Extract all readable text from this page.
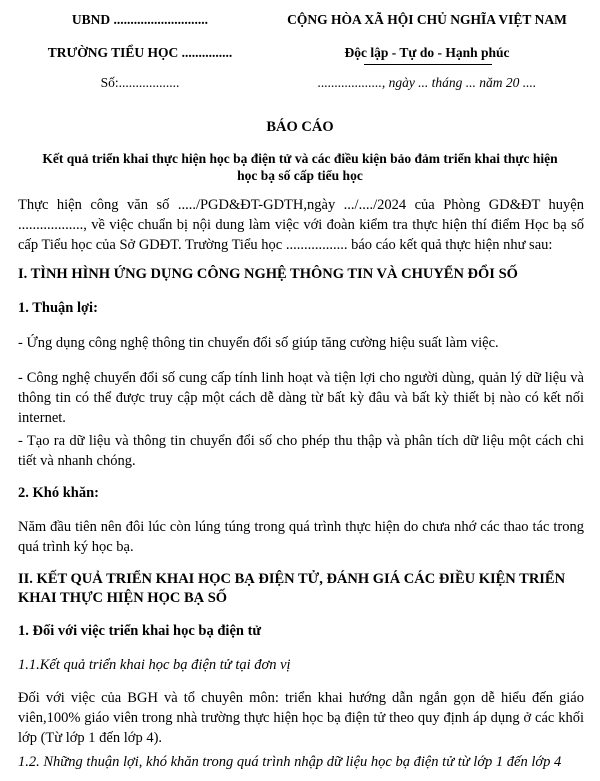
UBND ............................	CỘNG HÒA XÃ HỘI CHỦ NGHĨA VIỆT NAM
TRƯỜNG TIỂU HỌC ...............	Độc lập - Tự do - Hạnh phúc
Số:..................	..................., ngày ... tháng ... năm 20 ....
BÁO CÁO
Kết quả triển khai thực hiện học bạ điện tử và các điều kiện bảo đảm triển khai thực hiện
học bạ số cấp tiểu học
Thực hiện công văn số ...../PGD&ĐT-GDTH,ngày .../..../2024 của Phòng GD&ĐT huyện .................., về việc chuẩn bị nội dung làm việc với đoàn kiểm tra thực hiện thí điểm Học bạ số cấp Tiểu học của Sở GDĐT. Trường Tiểu học ................. báo cáo kết quả thực hiện như sau:
I. TÌNH HÌNH ỨNG DỤNG CÔNG NGHỆ THÔNG TIN VÀ CHUYỂN ĐỔI SỐ
1. Thuận lợi:
- Ứng dụng công nghệ thông tin chuyển đổi số giúp tăng cường hiệu suất làm việc.
- Công nghệ chuyển đổi số cung cấp tính linh hoạt và tiện lợi cho người dùng, quản lý dữ liệu và thông tin có thể được truy cập một cách dễ dàng từ bất kỳ đâu và bất kỳ thiết bị nào có kết nối internet.
- Tạo ra dữ liệu và thông tin chuyển đổi số cho phép thu thập và phân tích dữ liệu một cách chi tiết và nhanh chóng.
2. Khó khăn:
Năm đầu tiên nên đôi lúc còn lúng túng trong quá trình thực hiện do chưa nhớ các thao tác trong quá trình ký học bạ.
II. KẾT QUẢ TRIỂN KHAI HỌC BẠ ĐIỆN TỬ, ĐÁNH GIÁ CÁC ĐIỀU KIỆN TRIỂN KHAI THỰC HIỆN HỌC BẠ SỐ
1. Đối với việc triển khai học bạ điện tử
1.1.Kết quả triển khai học bạ điện tử tại đơn vị
Đối với việc của BGH và tổ chuyên môn: triển khai hướng dẫn ngắn gọn dễ hiểu đến giáo viên,100% giáo viên trong nhà trường thực hiện học bạ điện tử theo quy định áp dụng ở các khối lớp (Từ lớp 1 đến lớp 4).
1.2. Những thuận lợi, khó khăn trong quá trình nhập dữ liệu học bạ điện tử từ lớp 1 đến lớp 4
